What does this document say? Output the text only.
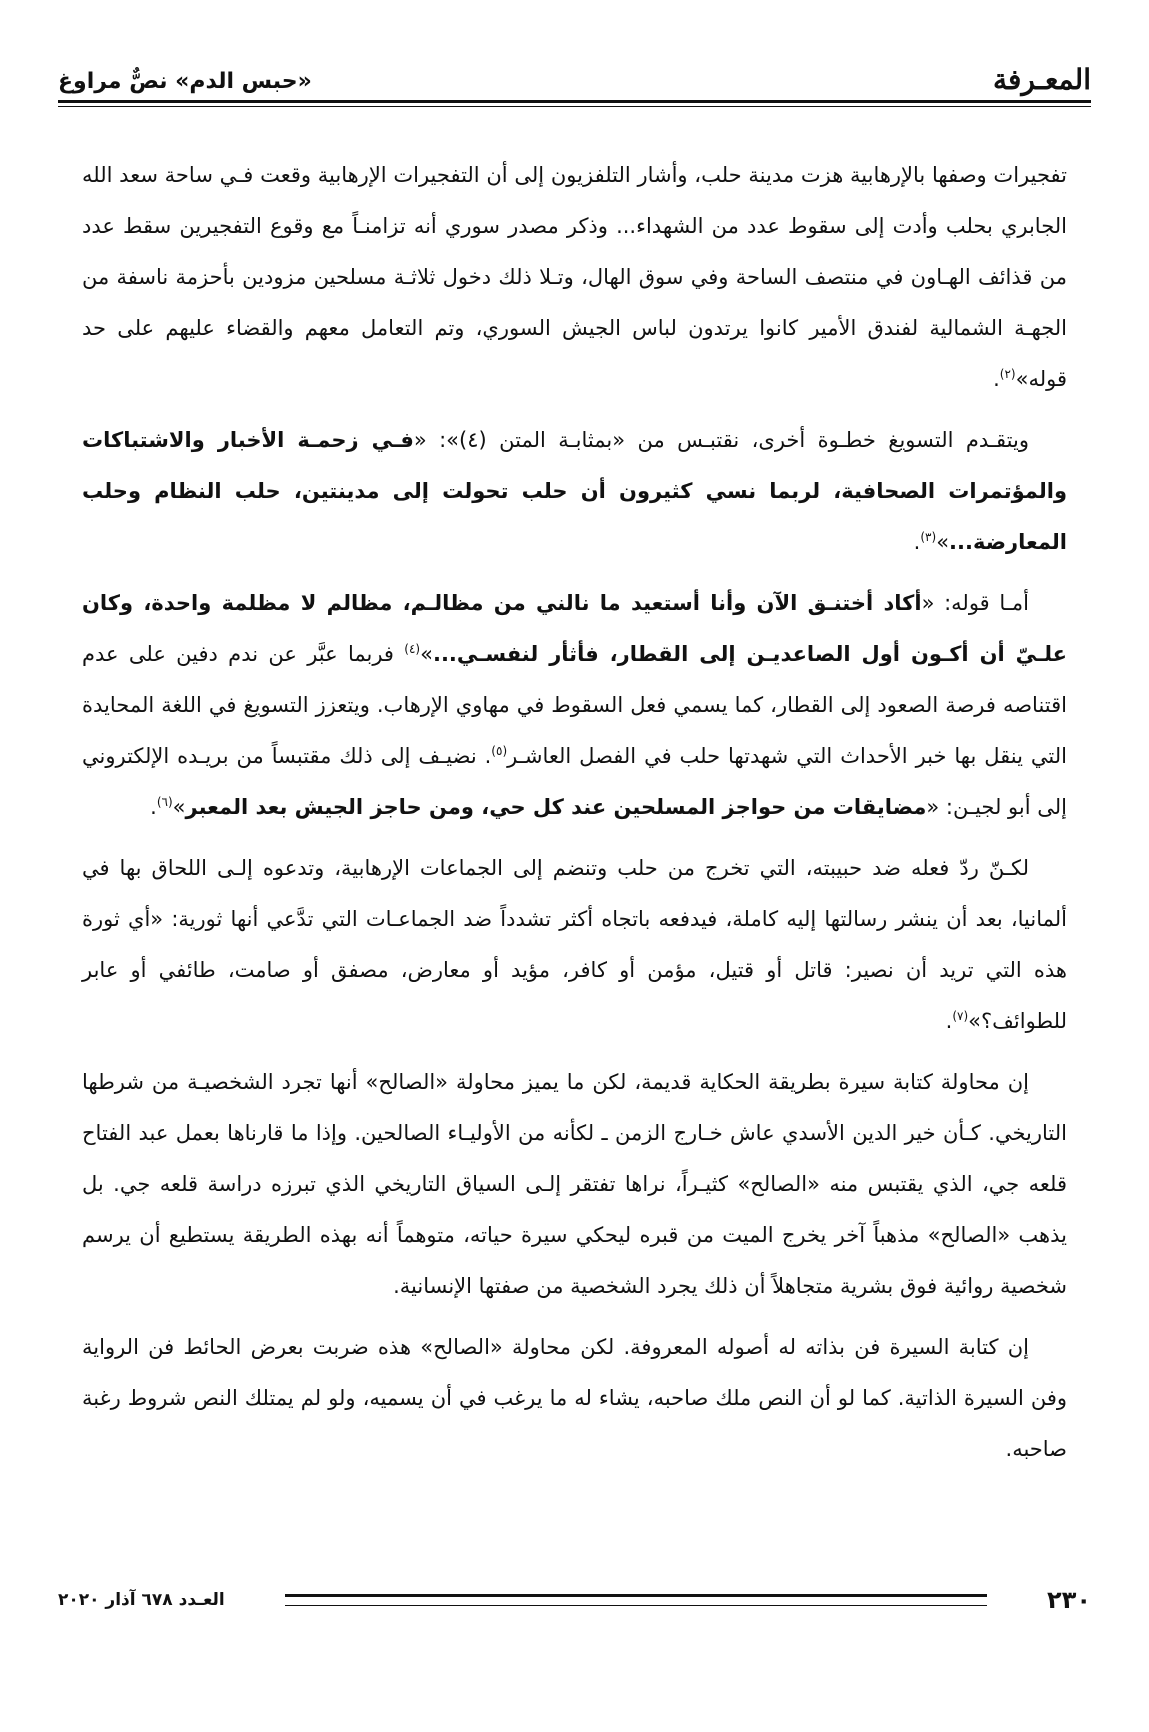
المعـرفة
«حبس الدم» نصٌّ مراوغ

تفجيرات وصفها بالإرهابية هزت مدينة حلب، وأشار التلفزيون إلى أن التفجيرات الإرهابية وقعت فـي ساحة سعد الله الجابري بحلب وأدت إلى سقوط عدد من الشهداء... وذكر مصدر سوري أنه تزامنـاً مع وقوع التفجيرين سقط عدد من قذائف الهـاون في منتصف الساحة وفي سوق الهال، وتـلا ذلك دخول ثلاثـة مسلحين مزودين بأحزمة ناسفة من الجهـة الشمالية لفندق الأمير كانوا يرتدون لباس الجيش السوري، وتم التعامل معهم والقضاء عليهم على حد قوله»$^{(٢)}$.

ويتقـدم التسويغ خطـوة أخرى، نقتبـس من «بمثابـة المتن (٤)»: «فـي زحمـة الأخبار والاشتباكات والمؤتمرات الصحافية، لربما نسي كثيرون أن حلب تحولت إلى مدينتين، حلب النظام وحلب المعارضة...»$^{(٣)}$.

أمـا قوله: «أكاد أختنـق الآن وأنا أستعيد ما نالني من مظالـم، مظالم لا مظلمة واحدة، وكان علـيّ أن أكـون أول الصاعديـن إلى القطار، فأثأر لنفسـي...»$^{(٤)}$ فربما عبَّر عن ندم دفين على عدم اقتناصه فرصة الصعود إلى القطار، كما يسمي فعل السقوط في مهاوي الإرهاب. ويتعزز التسويغ في اللغة المحايدة التي ينقل بها خبر الأحداث التي شهدتها حلب في الفصل العاشـر$^{(٥)}$. نضيـف إلى ذلك مقتبساً من بريـده الإلكتروني إلى أبو لجيـن: «مضايقات من حواجز المسلحين عند كل حي، ومن حاجز الجيش بعد المعبر»$^{(٦)}$.

لكـنّ ردّ فعله ضد حبيبته، التي تخرج من حلب وتنضم إلى الجماعات الإرهابية، وتدعوه إلـى اللحاق بها في ألمانيا، بعد أن ينشر رسالتها إليه كاملة، فيدفعه باتجاه أكثر تشدداً ضد الجماعـات التي تدَّعي أنها ثورية: «أي ثورة هذه التي تريد أن نصير: قاتل أو قتيل، مؤمن أو كافر، مؤيد أو معارض، مصفق أو صامت، طائفي أو عابر للطوائف؟»$^{(٧)}$.

إن محاولة كتابة سيرة بطريقة الحكاية قديمة، لكن ما يميز محاولة «الصالح» أنها تجرد الشخصيـة من شرطها التاريخي. كـأن خير الدين الأسدي عاش خـارج الزمن ـ لكأنه من الأوليـاء الصالحين. وإذا ما قارناها بعمل عبد الفتاح قلعه جي، الذي يقتبس منه «الصالح» كثيـراً، نراها تفتقر إلـى السياق التاريخي الذي تبرزه دراسة قلعه جي. بل يذهب «الصالح» مذهباً آخر يخرج الميت من قبره ليحكي سيرة حياته، متوهماً أنه بهذه الطريقة يستطيع أن يرسم شخصية روائية فوق بشرية متجاهلاً أن ذلك يجرد الشخصية من صفتها الإنسانية.

إن كتابة السيرة فن بذاته له أصوله المعروفة. لكن محاولة «الصالح» هذه ضربت بعرض الحائط فن الرواية وفن السيرة الذاتية. كما لو أن النص ملك صاحبه، يشاء له ما يرغب في أن يسميه، ولو لم يمتلك النص شروط رغبة صاحبه.

٢٣٠
العـدد ٦٧٨ آذار ٢٠٢٠
